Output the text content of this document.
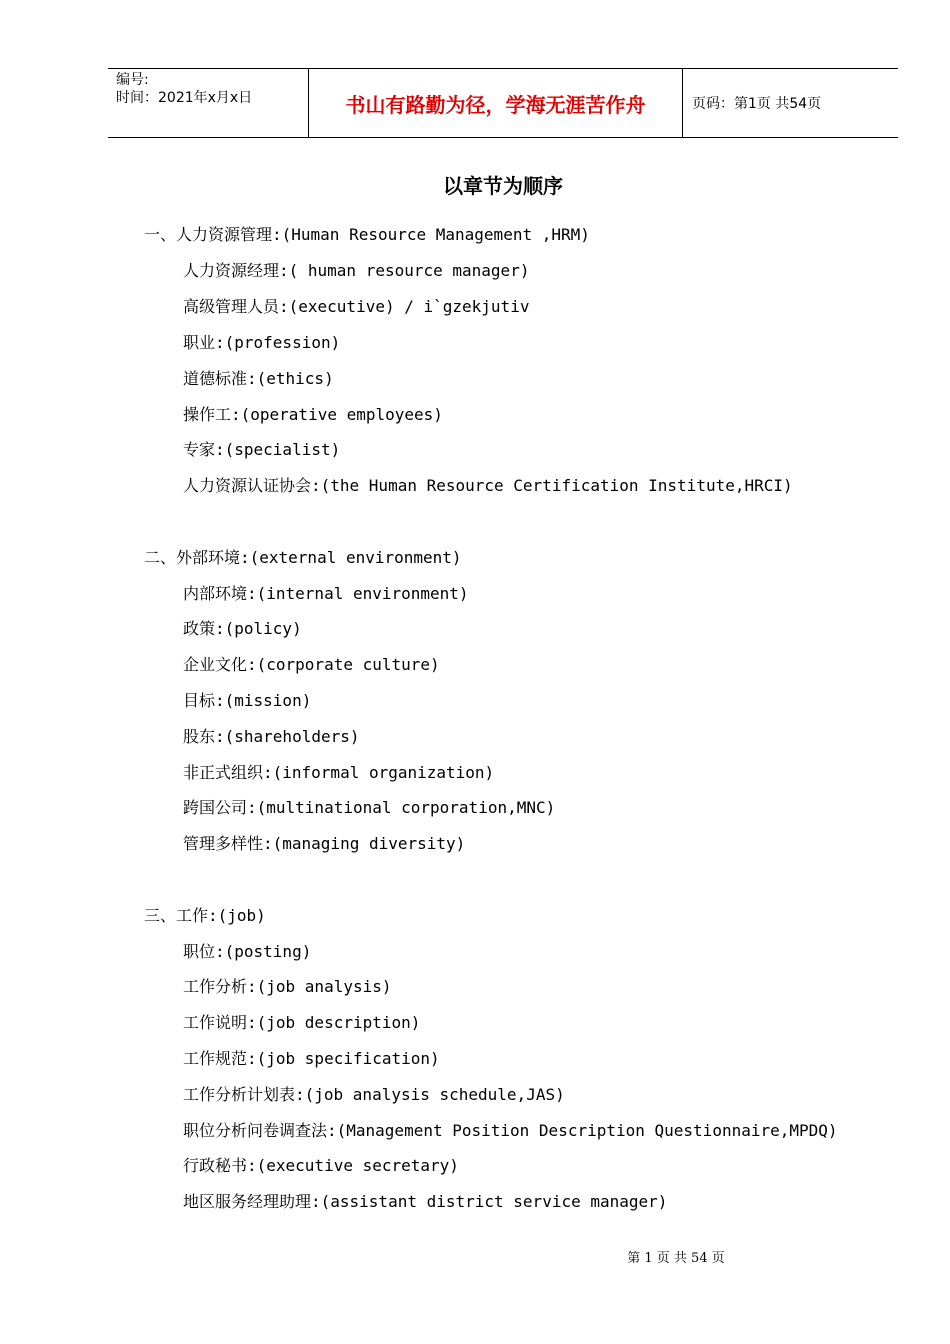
编号:
时间：2021年x月x日	书山有路勤为径，学海无涯苦作舟	页码：第1页 共54页
以章节为顺序
一、人力资源管理:(Human Resource Management ,HRM)
人力资源经理:( human resource manager)
高级管理人员:(executive) / i`gzekjutiv
职业:(profession)
道德标准:(ethics)
操作工:(operative employees)
专家:(specialist)
人力资源认证协会:(the Human Resource Certification Institute,HRCI)
二、外部环境:(external environment)
内部环境:(internal environment)
政策:(policy)
企业文化:(corporate culture)
目标:(mission)
股东:(shareholders)
非正式组织:(informal organization)
跨国公司:(multinational corporation,MNC)
管理多样性:(managing diversity)
三、工作:(job)
职位:(posting)
工作分析:(job analysis)
工作说明:(job description)
工作规范:(job specification)
工作分析计划表:(job analysis schedule,JAS)
职位分析问卷调查法:(Management Position Description Questionnaire,MPDQ)
行政秘书:(executive secretary)
地区服务经理助理:(assistant district service manager)
第 1 页 共 54 页
